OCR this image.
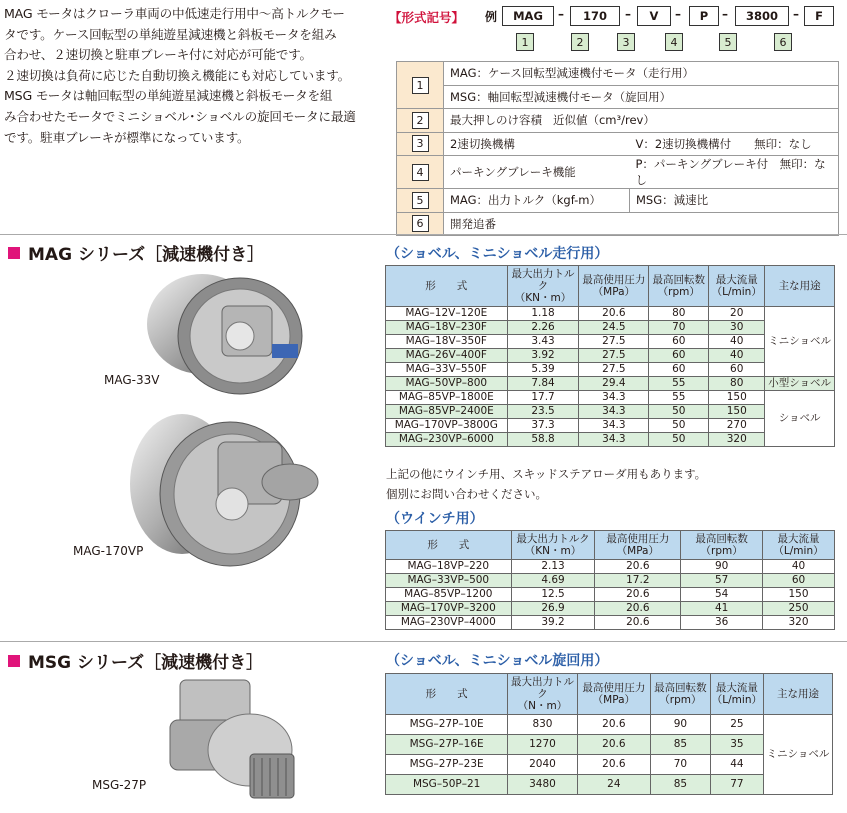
MAG モータはクローラ車両の中低速走行用中～高トルクモー

タです。ケース回転型の単純遊星減速機と斜板モータを組み

合わせ、２速切換と駐車ブレーキ付に対応が可能です。

２速切換は負荷に応じた自動切換え機能にも対応しています。

MSG モータは軸回転型の単純遊星減速機と斜板モータを組

み合わせたモータでミニショベル･ショベルの旋回モータに最適

です。駐車ブレーキが標準になっています。

【形式記号】 例	MAG	–	170	–	V	–	P	–	3800	–	F
1	2	3	4	5	6
1	MAG：ケース回転型減速機付モータ（走行用）	
	MSG：軸回転型減速機付モータ（旋回用）	
2	最大押しのけ容積 近似値（cm³/rev）	
3	2速切換機構	V：2速切換機構付　　無印：なし
4	パーキングブレーキ機能	P：パーキングブレーキ付　無印：なし
5	MAG：出力トルク（kgf-m）	MSG：減速比
6	開発追番	
MAG シリーズ［減速機付き］
MAG-33V
MAG-170VP
（ショベル、ミニショベル走行用）
形　　式	最大出力トルク
（KN・m）	最高使用圧力
（MPa）	最高回転数
（rpm）	最大流量
（L/min）	主な用途
MAG–12V–120E	1.18	20.6	80	20	ミニショベル
MAG–18V–230F	2.26	24.5	70	30	
MAG–18V–350F	3.43	27.5	60	40	
MAG–26V–400F	3.92	27.5	60	40	
MAG–33V–550F	5.39	27.5	60	60	
MAG–50VP–800	7.84	29.4	55	80	小型ショベル
MAG–85VP–1800E	17.7	34.3	55	150	ショベル
MAG–85VP–2400E	23.5	34.3	50	150	
MAG–170VP–3800G	37.3	34.3	50	270	
MAG–230VP–6000	58.8	34.3	50	320	

上記の他にウインチ用、スキッドステアローダ用もあります。

個別にお問い合わせください。

（ウインチ用）
形　　式	最大出力トルク
（KN・m）	最高使用圧力
（MPa）	最高回転数
（rpm）	最大流量
（L/min）
MAG–18VP–220	2.13	20.6	90	40
MAG–33VP–500	4.69	17.2	57	60
MAG–85VP–1200	12.5	20.6	54	150
MAG–170VP–3200	26.9	20.6	41	250
MAG–230VP–4000	39.2	20.6	36	320
MSG シリーズ［減速機付き］
MSG-27P
（ショベル、ミニショベル旋回用）
形　　式	最大出力トルク
（N・m）	最高使用圧力
（MPa）	最高回転数
（rpm）	最大流量
（L/min）	主な用途
MSG–27P–10E	830	20.6	90	25	ミニショベル
MSG–27P–16E	1270	20.6	85	35	
MSG–27P–23E	2040	20.6	70	44	
MSG–50P–21	3480	24	85	77	
